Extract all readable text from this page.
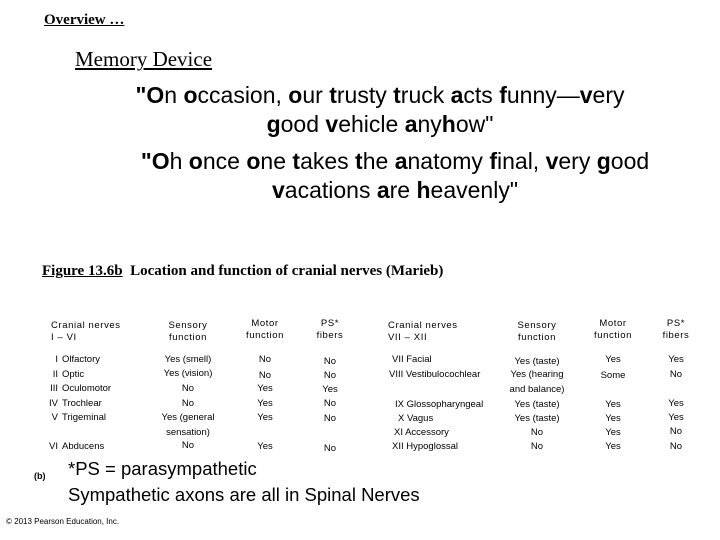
Overview …
Memory Device
"On occasion, our trusty truck acts funny—very
good vehicle anyhow"
"Oh once one takes the anatomy final, very good
vacations are heavenly"
Figure 13.6b Location and function of cranial nerves (Marieb)
Cranial nerves
I – VI
Sensory
function
Motor
function
PS*
fibers
I Olfactory	Yes (smell)	No	No
II Optic	Yes (vision)	No	No
III Oculomotor	No	Yes	Yes
IV Trochlear	No	Yes	No
V Trigeminal	Yes (general
sensation)
Yes	No
VI Abducens	No	Yes	No
Cranial nerves
VII – XII
Sensory
function
Motor
function
PS*
fibers
VII Facial	Yes (taste)	Yes	Yes
VIII Vestibulocochlear	Yes (hearing
and balance)
Some	No
IX Glossopharyngeal	Yes (taste)	Yes	Yes
X Vagus	Yes (taste)	Yes	Yes
XI Accessory	No	Yes	No
XII Hypoglossal	No	Yes	No
(b) *PS = parasympathetic
Sympathetic axons are all in Spinal Nerves
© 2013 Pearson Education, Inc.
